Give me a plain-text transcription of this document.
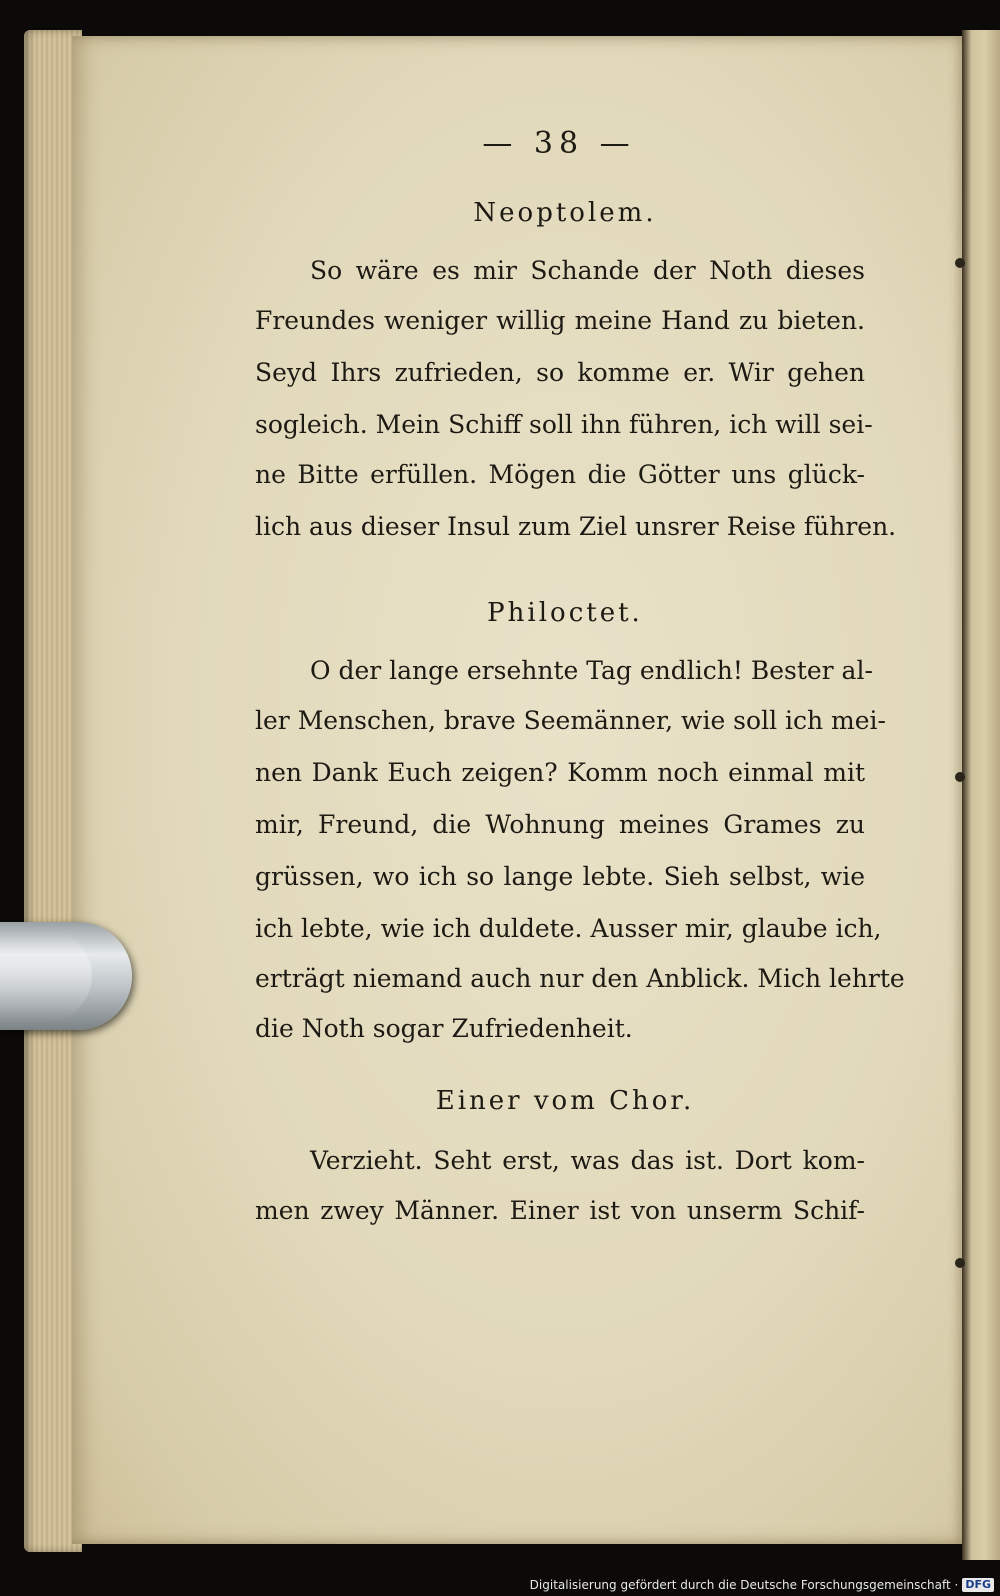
— 38 —
Neoptolem.
So wäre es mir Schande der Noth dieses
Freundes weniger willig meine Hand zu bieten.
Seyd Ihrs zufrieden, so komme er. Wir gehen
sogleich. Mein Schiff soll ihn führen, ich will sei-
ne Bitte erfüllen. Mögen die Götter uns glück-
lich aus dieser Insul zum Ziel unsrer Reise führen.
Philoctet.
O der lange ersehnte Tag endlich! Bester al-
ler Menschen, brave Seemänner, wie soll ich mei-
nen Dank Euch zeigen? Komm noch einmal mit
mir, Freund, die Wohnung meines Grames zu
grüssen, wo ich so lange lebte. Sieh selbst, wie
ich lebte, wie ich duldete. Ausser mir, glaube ich,
erträgt niemand auch nur den Anblick. Mich lehrte
die Noth sogar Zufriedenheit.
Einer vom Chor.
Verzieht. Seht erst, was das ist. Dort kom-
men zwey Männer. Einer ist von unserm Schif-
Digitalisierung gefördert durch die Deutsche Forschungsgemeinschaft · DFG
